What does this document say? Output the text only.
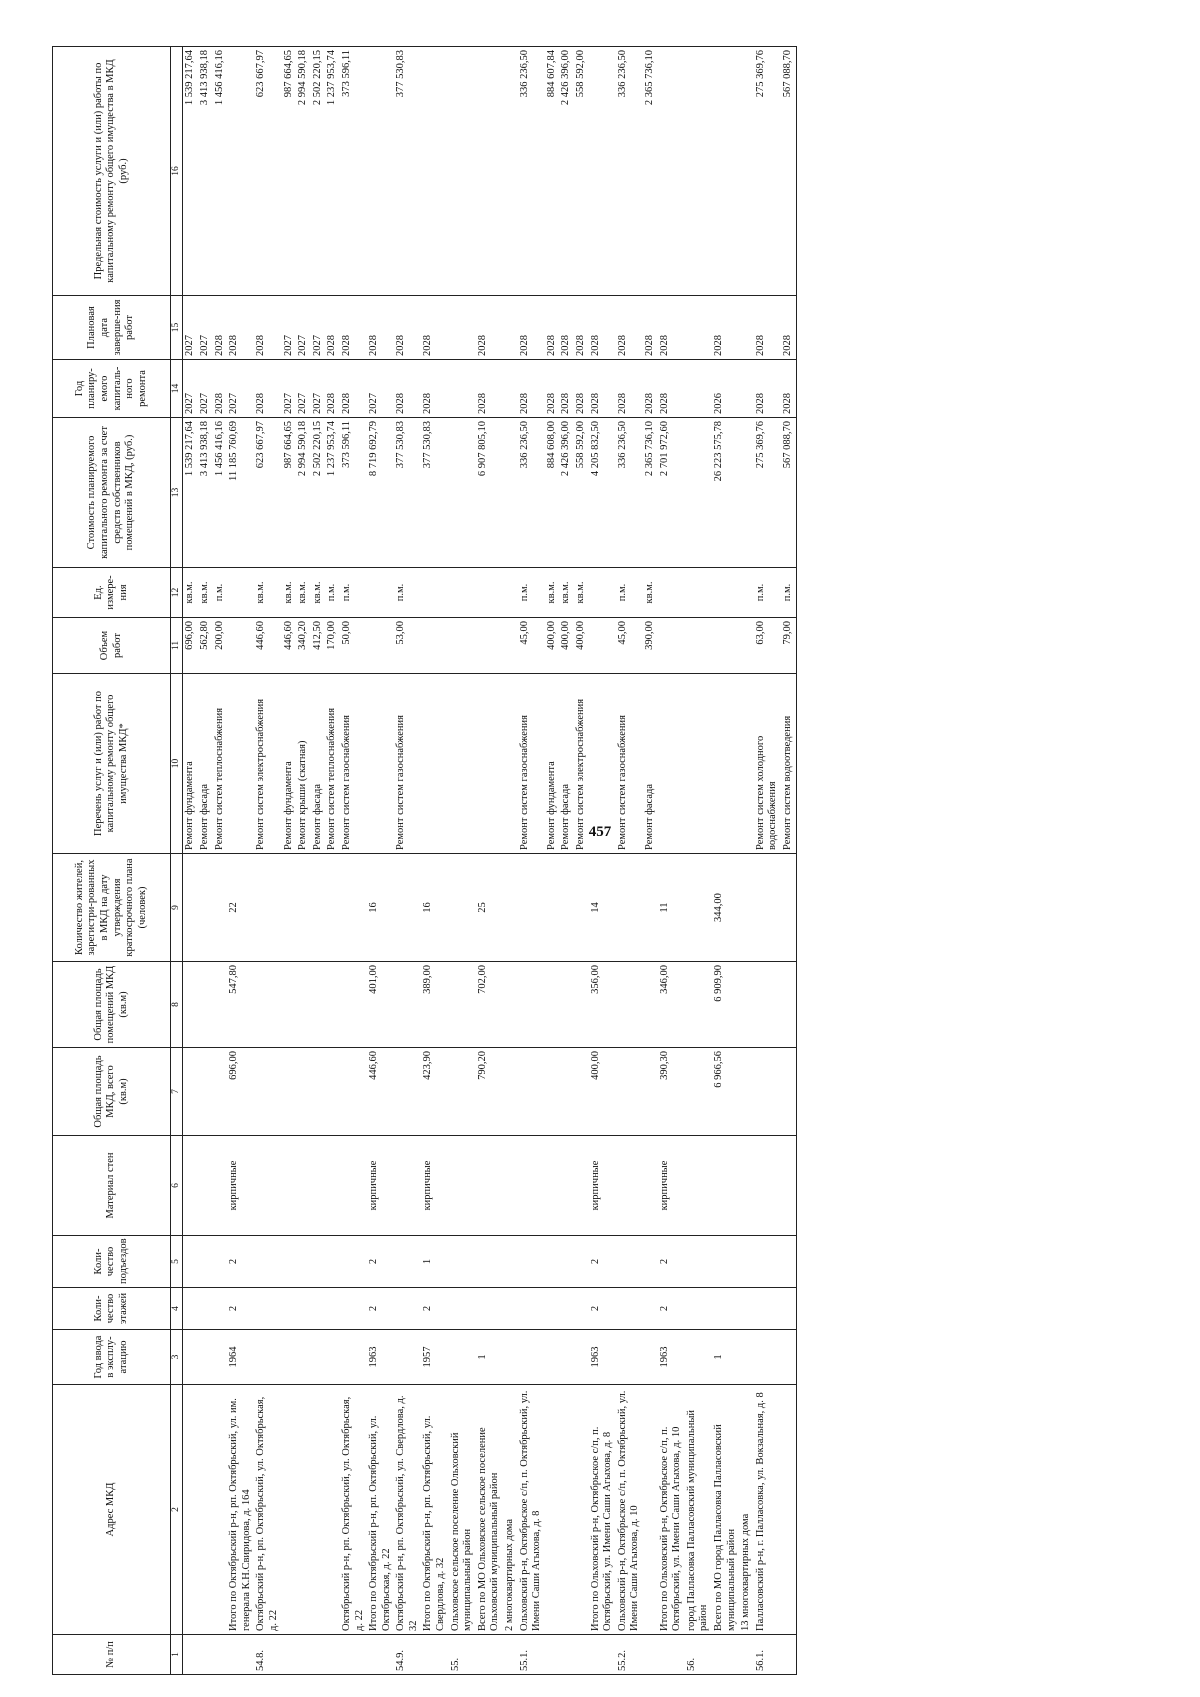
457
№ п/п	Адрес МКД	Год ввода в эксплу-атацию	Коли-чество этажей	Коли-чество подъездов	Материал стен	Общая площадь МКД, всего (кв.м)	Общая площадь помещений МКД (кв.м)	Количество жителей, зарегистри-рованных в МКД на дату утверждения краткосрочного плана (человек)	Перечень услуг и (или) работ по капитальному ремонту общего имущества МКД*	Объем работ	Ед. измере-ния	Стоимость планируемого капитального ремонта за счет средств собственников помещений в МКД, (руб.)	Год планиру-емого капиталь-ного ремонта	Плановая дата заверше-ния работ	Предельная стоимость услуги и (или) работы по капитальному ремонту общего имущества в МКД (руб.)
1	2	3	4	5	6	7	8	9	10	11	12	13	14	15	16
									Ремонт фундамента	696,00	кв.м.	1 539 217,64	2027	2027	1 539 217,64
									Ремонт фасада	562,80	кв.м.	3 413 938,18	2027	2027	3 413 938,18
									Ремонт систем теплоснабжения	200,00	п.м.	1 456 416,16	2028	2028	1 456 416,16
	Итого по Октябрьский р-н, рп. Октябрьский, ул. им. генерала К.Н.Свиридова, д. 164	1964	2	2	кирпичные	696,00	547,80	22				11 185 760,69	2027	2028	
54.8.	Октябрьский р-н, рп. Октябрьский, ул. Октябрьская, д. 22								Ремонт систем электроснабжения	446,60	кв.м.	623 667,97	2028	2028	623 667,97
									Ремонт фундамента	446,60	кв.м.	987 664,65	2027	2027	987 664,65
									Ремонт крыши (скатная)	340,20	кв.м.	2 994 590,18	2027	2027	2 994 590,18
									Ремонт фасада	412,50	кв.м.	2 502 220,15	2027	2027	2 502 220,15
									Ремонт систем теплоснабжения	170,00	п.м.	1 237 953,74	2028	2028	1 237 953,74
	Октябрьский р-н, рп. Октябрьский, ул. Октябрьская, д. 22								Ремонт систем газоснабжения	50,00	п.м.	373 596,11	2028	2028	373 596,11
	Итого по Октябрьский р-н, рп. Октябрьский, ул. Октябрьская, д. 22	1963	2	2	кирпичные	446,60	401,00	16				8 719 692,79	2027	2028	
54.9.	Октябрьский р-н, рп. Октябрьский, ул. Свердлова, д. 32								Ремонт систем газоснабжения	53,00	п.м.	377 530,83	2028	2028	377 530,83
	Итого по Октябрьский р-н, рп. Октябрьский, ул. Свердлова, д. 32	1957	2	1	кирпичные	423,90	389,00	16				377 530,83	2028	2028	
55.	Ольховское сельское поселение Ольховский муниципальный район														
	Всего по МО Ольховское сельское поселение Ольховский муниципальный район	1				790,20	702,00	25				6 907 805,10	2028	2028	
	2 многоквартирных дома														
55.1.	Ольховский р-н, Октябрьское с/п, п. Октябрьский, ул. Имени Саши Агыхова, д. 8								Ремонт систем газоснабжения	45,00	п.м.	336 236,50	2028	2028	336 236,50
									Ремонт фундамента	400,00	кв.м.	884 608,00	2028	2028	884 607,84
									Ремонт фасада	400,00	кв.м.	2 426 396,00	2028	2028	2 426 396,00
									Ремонт систем электроснабжения	400,00	кв.м.	558 592,00	2028	2028	558 592,00
	Итого по Ольховский р-н, Октябрьское с/п, п. Октябрьский, ул. Имени Саши Агыхова, д. 8	1963	2	2	кирпичные	400,00	356,00	14				4 205 832,50	2028	2028	
55.2.	Ольховский р-н, Октябрьское с/п, п. Октябрьский, ул. Имени Саши Агыхова, д. 10								Ремонт систем газоснабжения	45,00	п.м.	336 236,50	2028	2028	336 236,50
									Ремонт фасада	390,00	кв.м.	2 365 736,10	2028	2028	2 365 736,10
	Итого по Ольховский р-н, Октябрьское с/п, п. Октябрьский, ул. Имени Саши Агыхова, д. 10	1963	2	2	кирпичные	390,30	346,00	11				2 701 972,60	2028	2028	
56.	город Палласовка Палласовский муниципальный район														
	Всего по МО город Палласовка Палласовский муниципальный район	1				6 966,56	6 909,90	344,00				26 223 575,78	2026	2028	
	13 многоквартирных дома														
56.1.	Палласовский р-н, г. Палласовка, ул. Вокзальная, д. 8								Ремонт систем холодного водоснабжения	63,00	п.м.	275 369,76	2028	2028	275 369,76
									Ремонт систем водоотведения	79,00	п.м.	567 088,70	2028	2028	567 088,70
